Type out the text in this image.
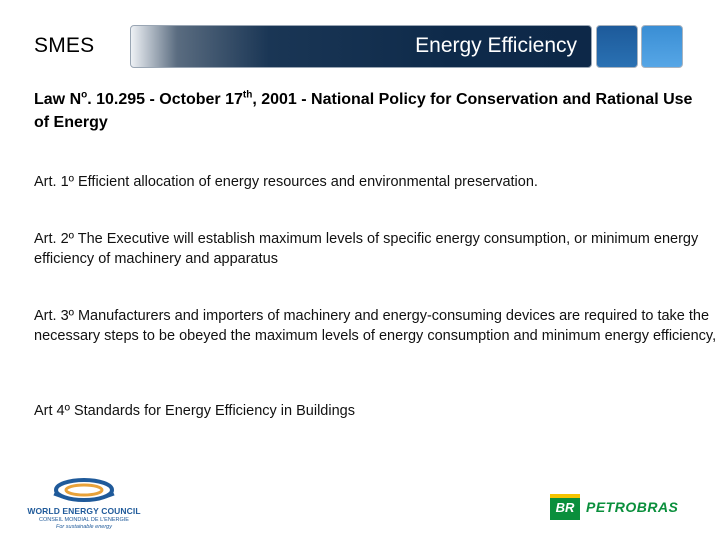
SMES	Energy Efficiency
Law $N^o$. 10.295 - October 17th, 2001 - National Policy for Conservation and Rational Use of Energy
Art. 1º Efficient allocation of energy resources and environmental preservation.
Art. 2º The Executive will establish maximum levels of specific energy consumption, or minimum energy efficiency of machinery and apparatus
Art. 3º Manufacturers and importers of machinery and energy-consuming devices are required to take the necessary steps to be obeyed the maximum levels of energy consumption and minimum energy efficiency,
Art 4º Standards for Energy Efficiency in Buildings
WORLD ENERGY COUNCIL
CONSEIL MONDIAL DE L'ENERGIE
For sustainable energy
BR PETROBRAS
